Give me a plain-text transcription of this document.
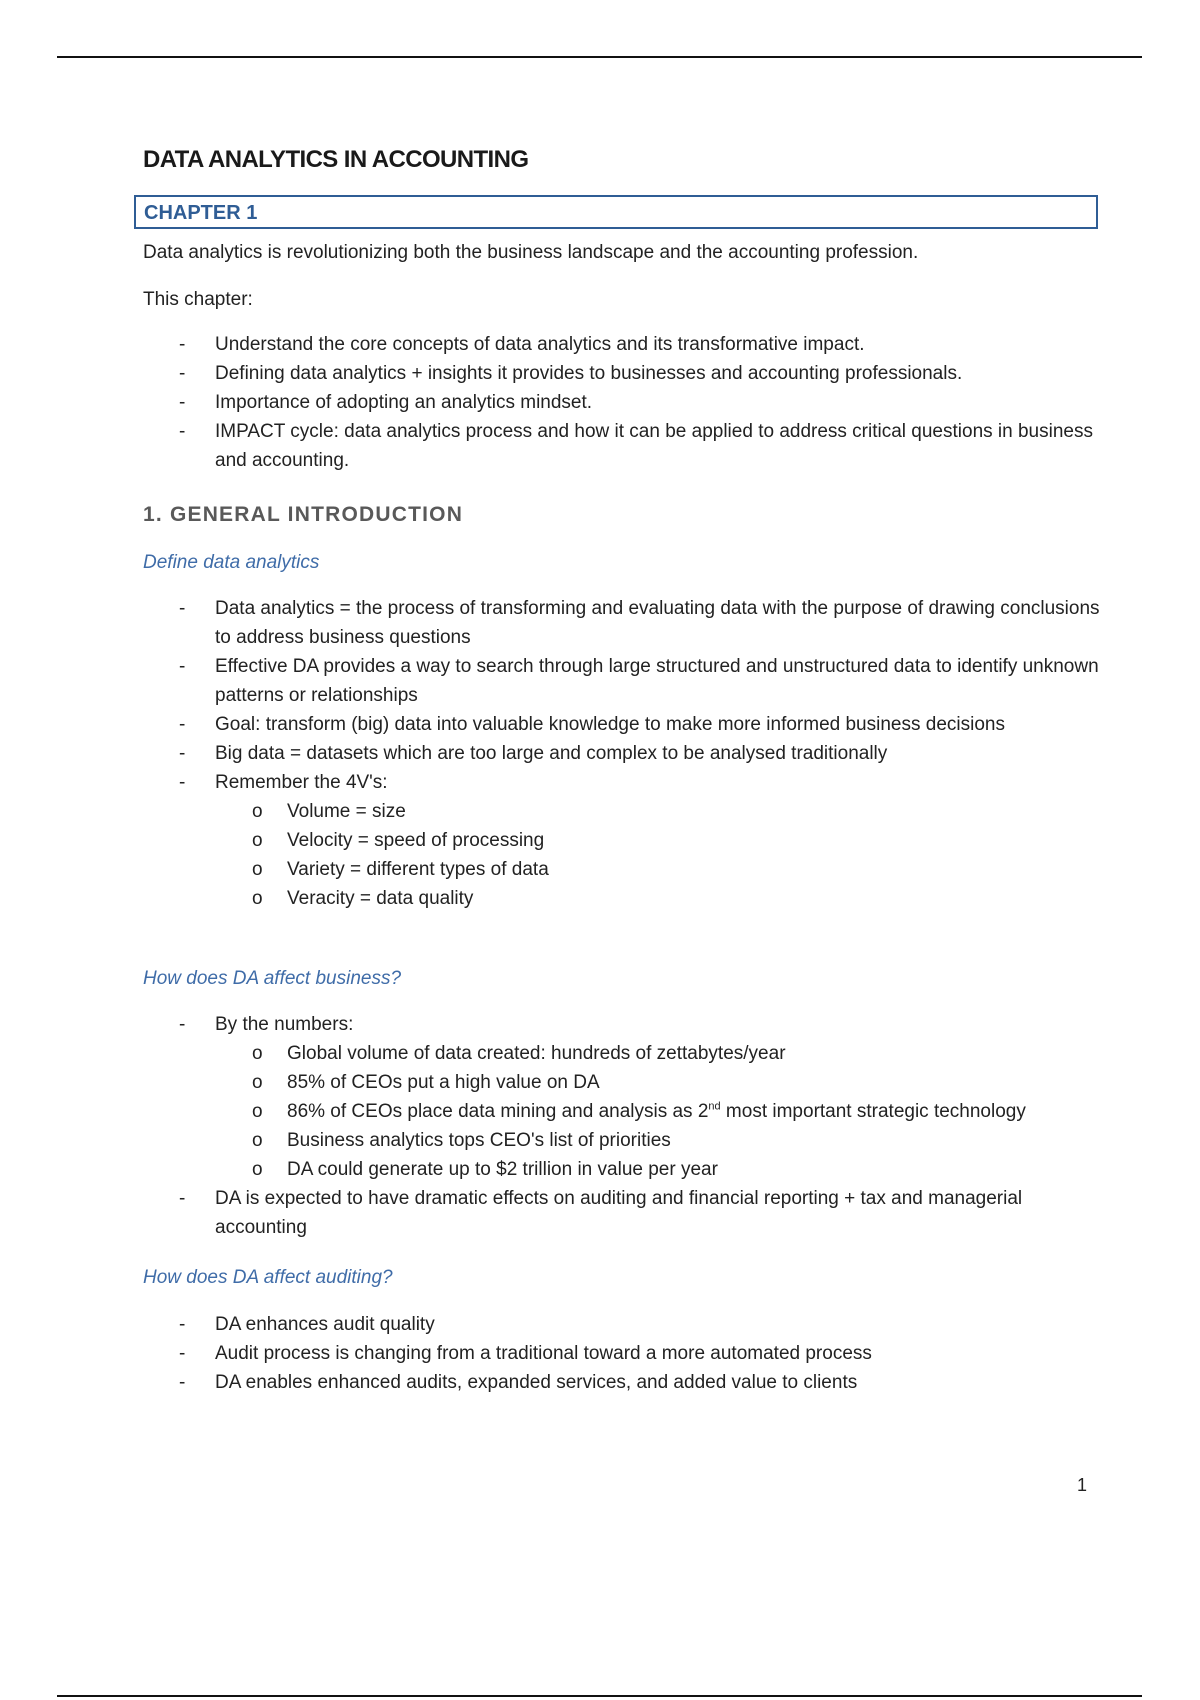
DATA ANALYTICS IN ACCOUNTING
CHAPTER 1
Data analytics is revolutionizing both the business landscape and the accounting profession.
This chapter:
- Understand the core concepts of data analytics and its transformative impact.
- Defining data analytics + insights it provides to businesses and accounting professionals.
- Importance of adopting an analytics mindset.
- IMPACT cycle: data analytics process and how it can be applied to address critical questions in business and accounting.
1. GENERAL INTRODUCTION
Define data analytics
- Data analytics = the process of transforming and evaluating data with the purpose of drawing conclusions to address business questions
- Effective DA provides a way to search through large structured and unstructured data to identify unknown patterns or relationships
- Goal: transform (big) data into valuable knowledge to make more informed business decisions
- Big data = datasets which are too large and complex to be analysed traditionally
- Remember the 4V's:
o Volume = size
o Velocity = speed of processing
o Variety = different types of data
o Veracity = data quality
How does DA affect business?
- By the numbers:
o Global volume of data created: hundreds of zettabytes/year
o 85% of CEOs put a high value on DA
o 86% of CEOs place data mining and analysis as 2nd most important strategic technology
o Business analytics tops CEO's list of priorities
o DA could generate up to $2 trillion in value per year
- DA is expected to have dramatic effects on auditing and financial reporting + tax and managerial accounting
How does DA affect auditing?
- DA enhances audit quality
- Audit process is changing from a traditional toward a more automated process
- DA enables enhanced audits, expanded services, and added value to clients
1
